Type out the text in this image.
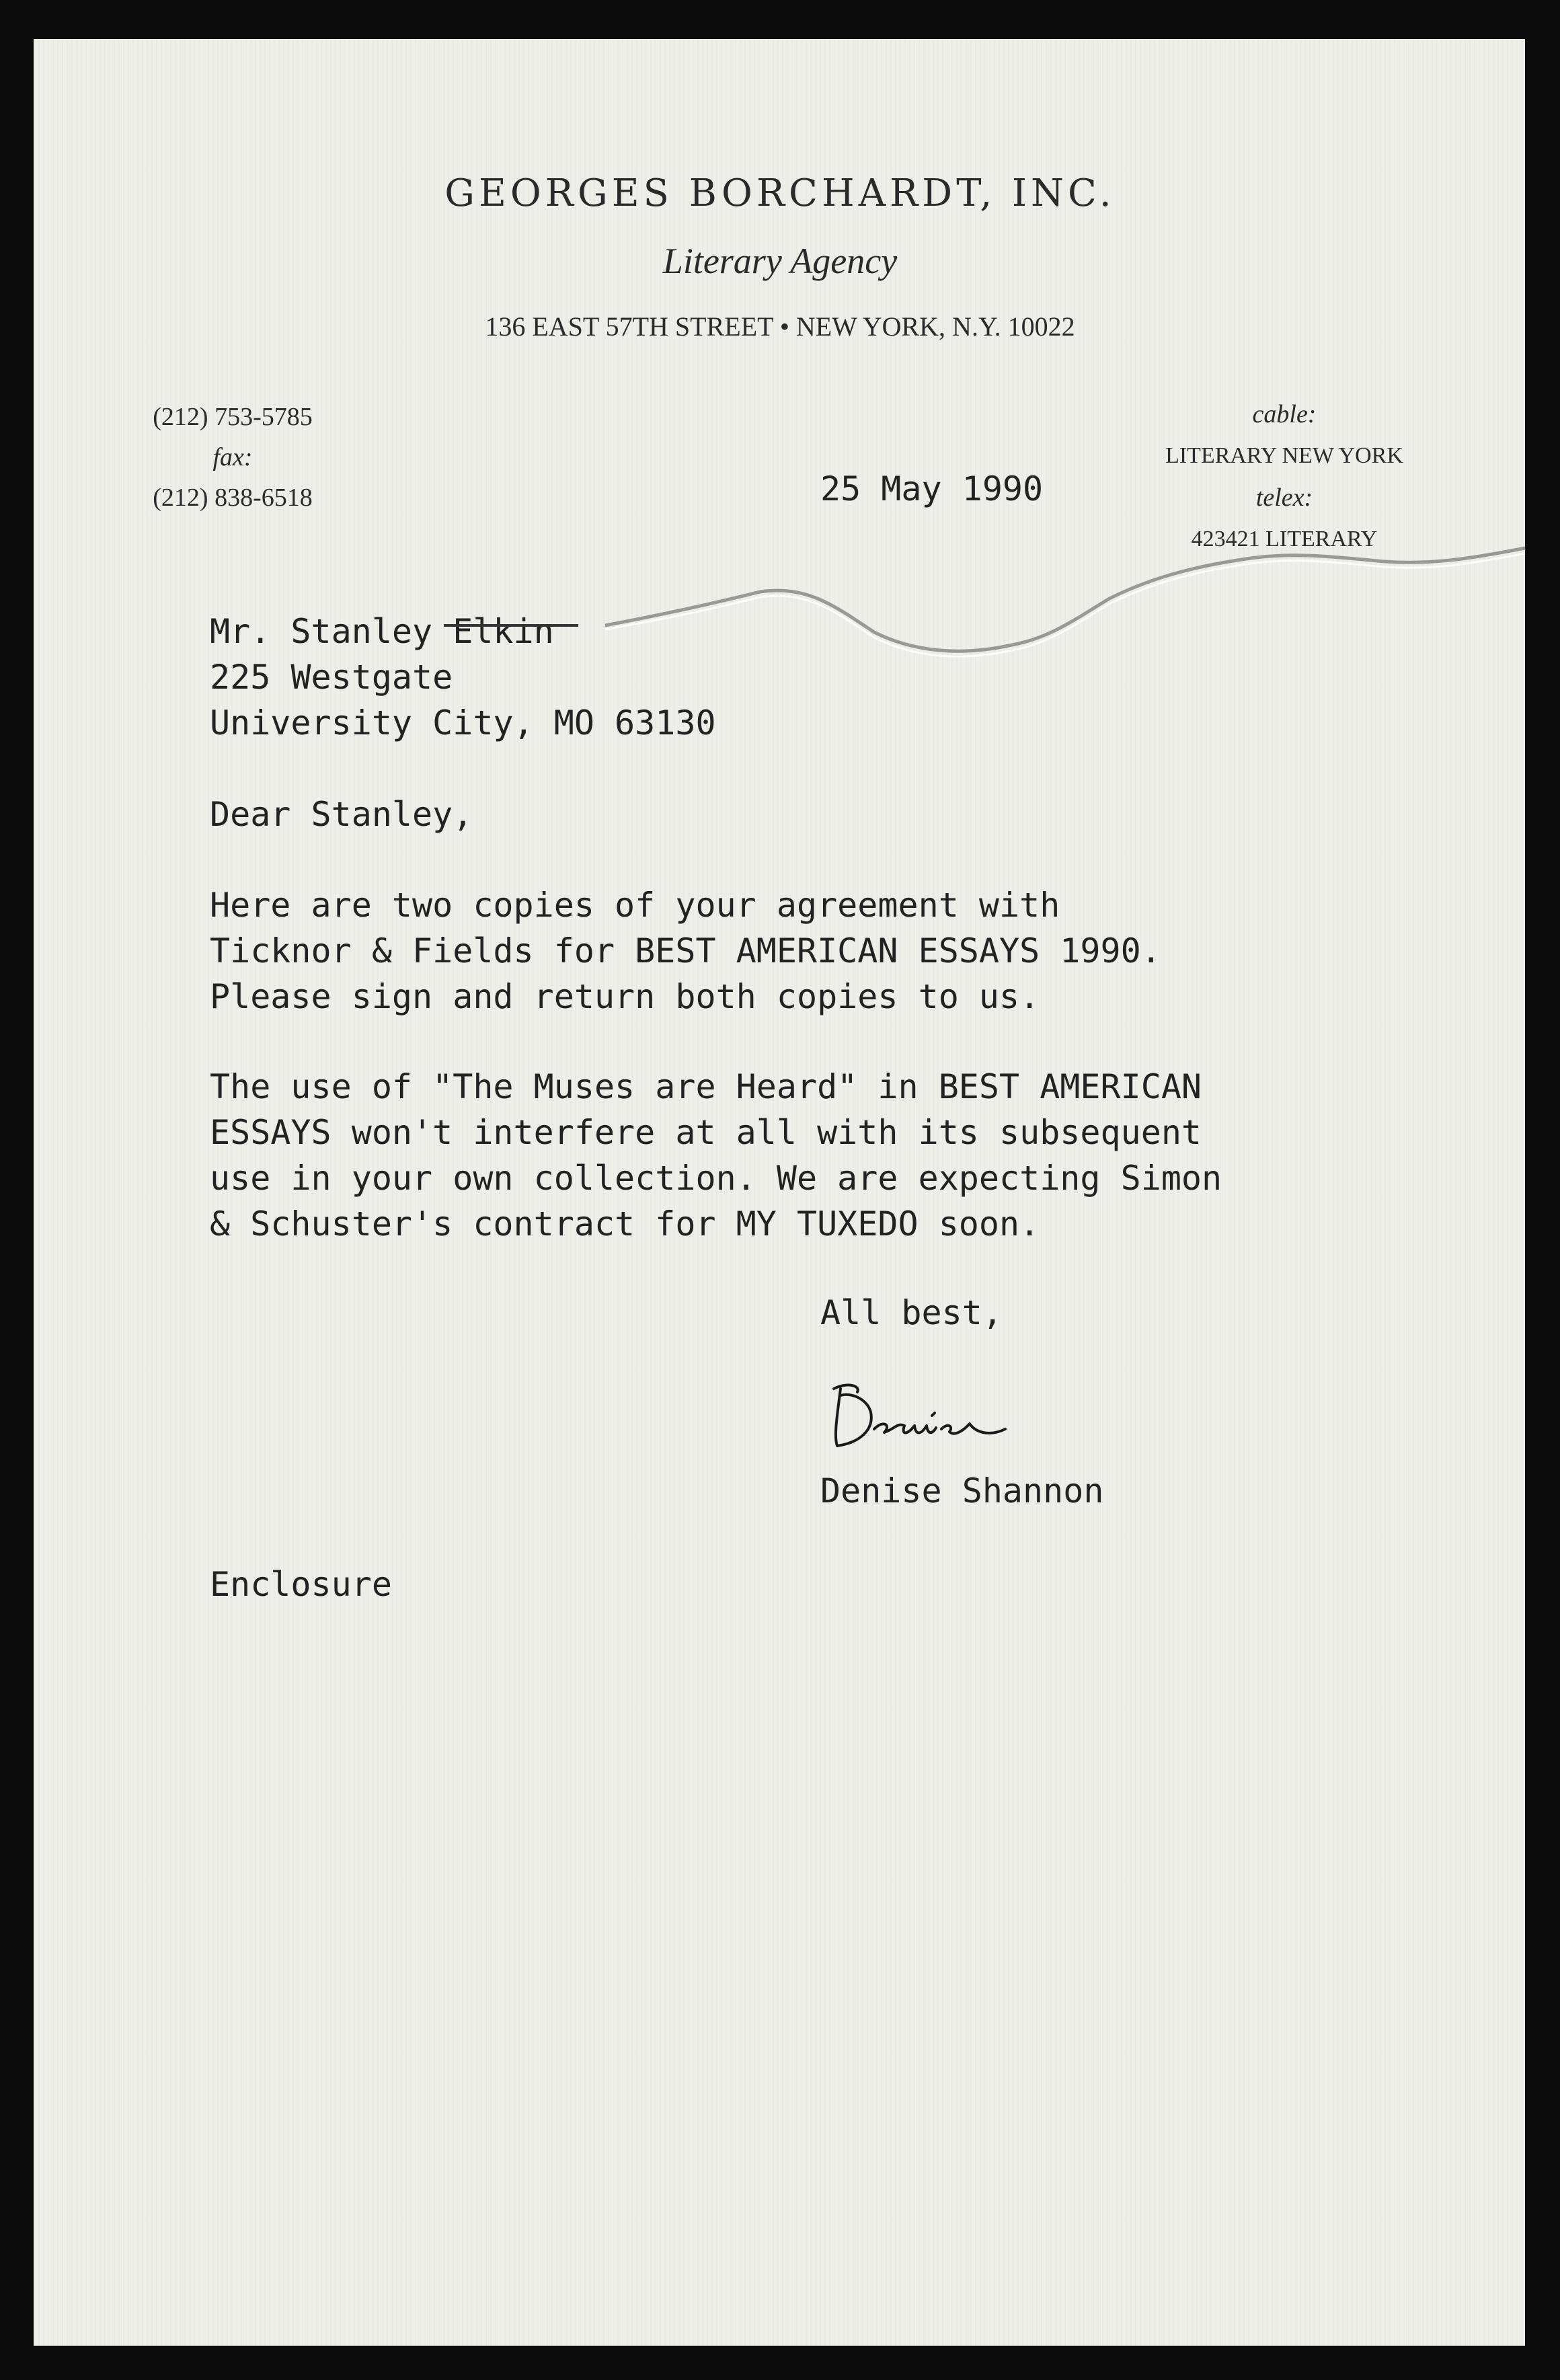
GEORGES BORCHARDT, INC.
Literary Agency
136 EAST 57TH STREET • NEW YORK, N.Y. 10022
(212) 753-5785
fax:
(212) 838-6518
cable:
LITERARY NEW YORK
telex:
423421 LITERARY
25 May 1990
Mr. Stanley Elkin
225 Westgate
University City, MO 63130
Dear Stanley,
Here are two copies of your agreement with
Ticknor & Fields for BEST AMERICAN ESSAYS 1990.
Please sign and return both copies to us.
The use of "The Muses are Heard" in BEST AMERICAN
ESSAYS won't interfere at all with its subsequent
use in your own collection. We are expecting Simon
& Schuster's contract for MY TUXEDO soon.
All best,
Denise Shannon
Enclosure
